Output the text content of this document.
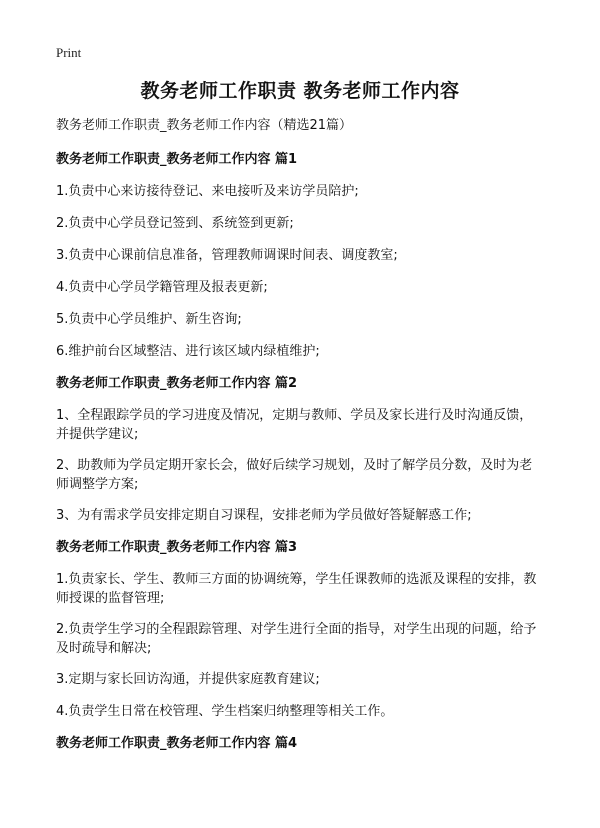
Print
教务老师工作职责 教务老师工作内容
教务老师工作职责_教务老师工作内容（精选21篇）
教务老师工作职责_教务老师工作内容 篇1
1.负责中心来访接待登记、来电接听及来访学员陪护;
2.负责中心学员登记签到、系统签到更新;
3.负责中心课前信息准备，管理教师调课时间表、调度教室;
4.负责中心学员学籍管理及报表更新;
5.负责中心学员维护、新生咨询;
6.维护前台区域整洁、进行该区域内绿植维护;
教务老师工作职责_教务老师工作内容 篇2
1、全程跟踪学员的学习进度及情况，定期与教师、学员及家长进行及时沟通反馈，并提供学建议;
2、助教师为学员定期开家长会，做好后续学习规划，及时了解学员分数，及时为老师调整学方案;
3、为有需求学员安排定期自习课程，安排老师为学员做好答疑解惑工作;
教务老师工作职责_教务老师工作内容 篇3
1.负责家长、学生、教师三方面的协调统筹，学生任课教师的选派及课程的安排，教师授课的监督管理;
2.负责学生学习的全程跟踪管理、对学生进行全面的指导，对学生出现的问题，给予及时疏导和解决;
3.定期与家长回访沟通，并提供家庭教育建议;
4.负责学生日常在校管理、学生档案归纳整理等相关工作。
教务老师工作职责_教务老师工作内容 篇4
